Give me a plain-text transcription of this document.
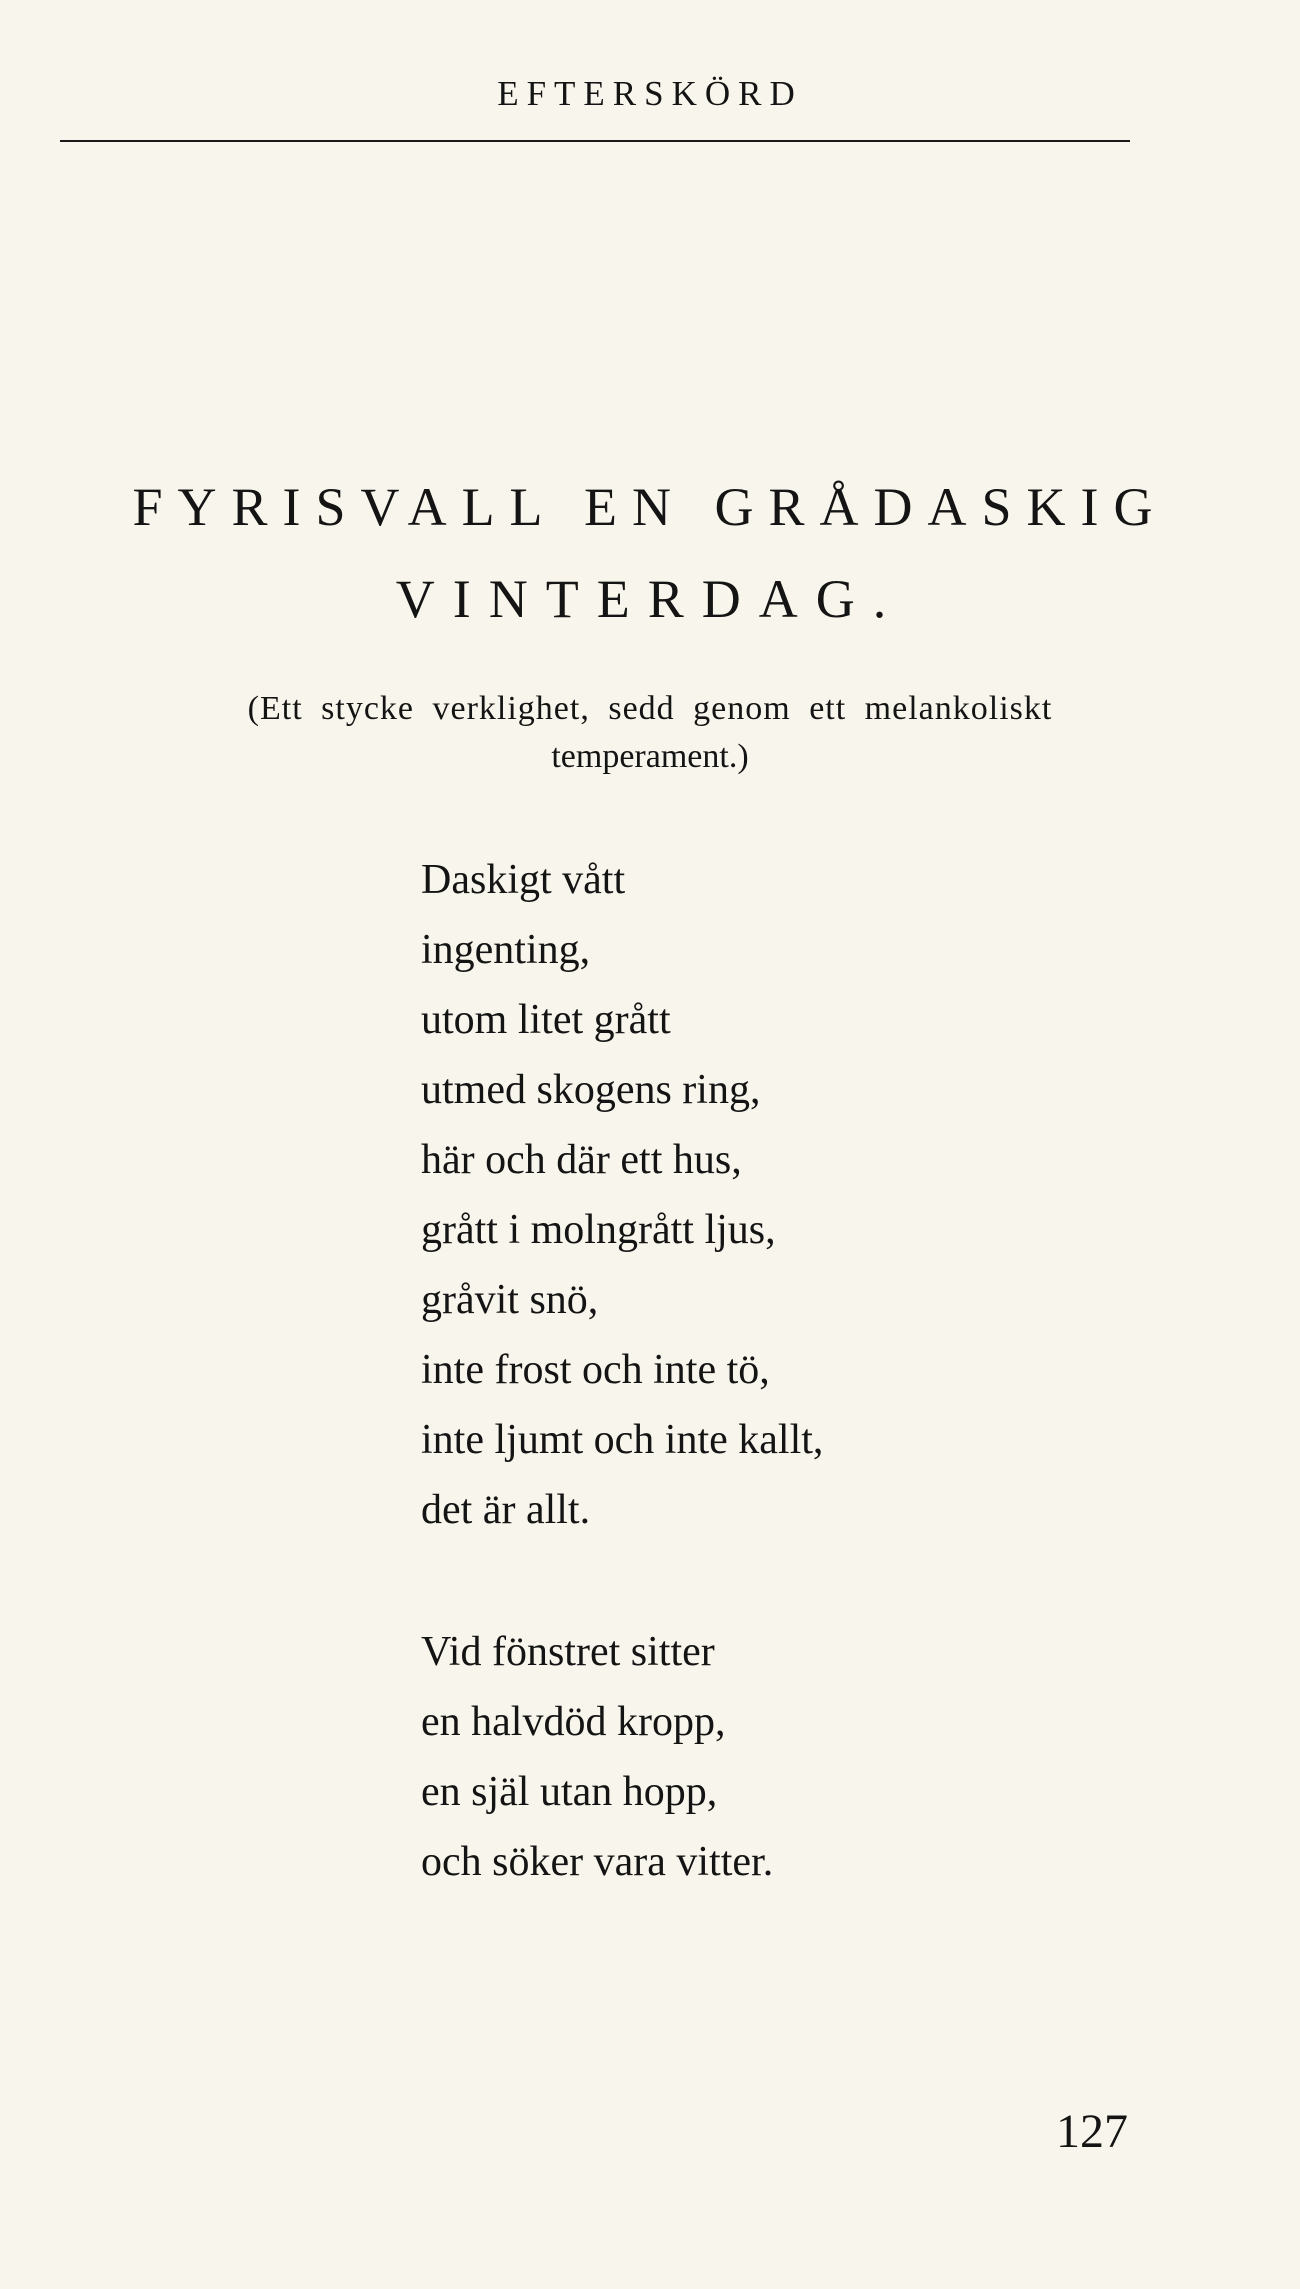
EFTERSKÖRD
FYRISVALL EN GRÅDASKIG
VINTERDAG.
(Ett stycke verklighet, sedd genom ett melankoliskt
temperament.)
Daskigt vått
ingenting,
utom litet grått
utmed skogens ring,
här och där ett hus,
grått i molngrått ljus,
gråvit snö,
inte frost och inte tö,
inte ljumt och inte kallt,
det är allt.
Vid fönstret sitter
en halvdöd kropp,
en själ utan hopp,
och söker vara vitter.
127
